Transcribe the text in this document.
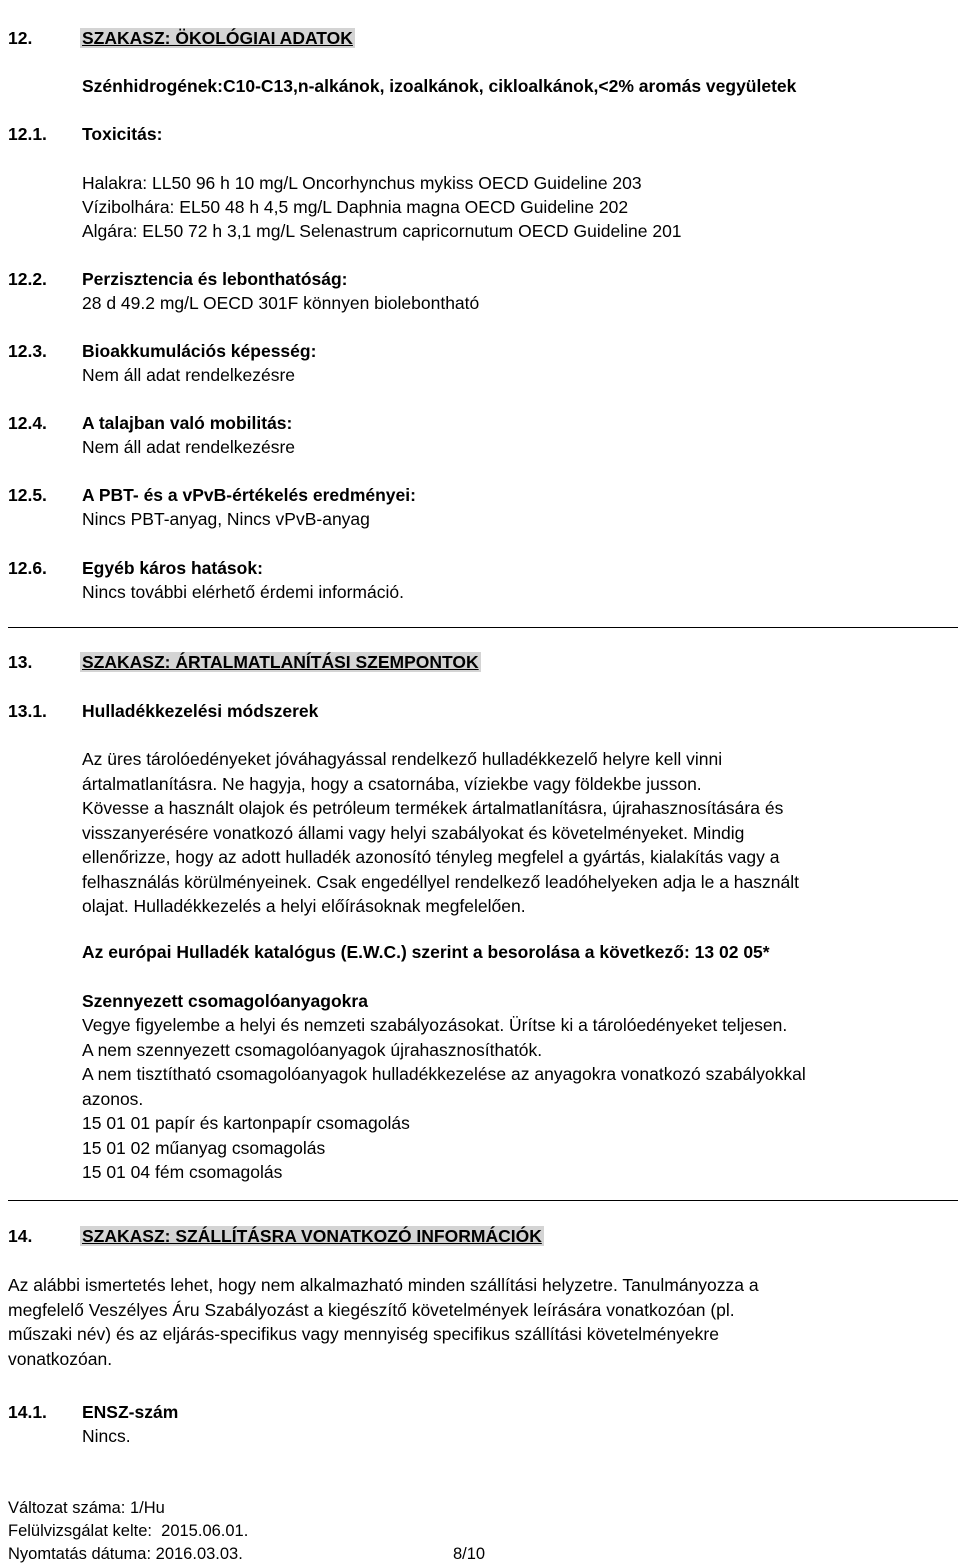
12.	SZAKASZ: ÖKOLÓGIAI ADATOK
Szénhidrogének:C10-C13,n-alkánok, izoalkánok, cikloalkánok,<2% aromás vegyületek
12.1. Toxicitás:
Halakra: LL50 96 h 10 mg/L Oncorhynchus mykiss OECD Guideline 203
Vízibolhára: EL50 48 h 4,5 mg/L Daphnia magna OECD Guideline 202
Algára: EL50 72 h 3,1 mg/L Selenastrum capricornutum OECD Guideline 201
12.2. Perzisztencia és lebonthatóság:
28 d 49.2 mg/L OECD 301F könnyen biolebontható
12.3. Bioakkumulációs képesség:
Nem áll adat rendelkezésre
12.4. A talajban való mobilitás:
Nem áll adat rendelkezésre
12.5. A PBT- és a vPvB-értékelés eredményei:
Nincs PBT-anyag, Nincs vPvB-anyag
12.6. Egyéb káros hatások:
Nincs további elérhető érdemi információ.
13.	SZAKASZ: ÁRTALMATLANÍTÁSI SZEMPONTOK
13.1. Hulladékkezelési módszerek
Az üres tárolóedényeket jóváhagyással rendelkező hulladékkezelő helyre kell vinni
ártalmatlanításra. Ne hagyja, hogy a csatornába, víziekbe vagy földekbe jusson.
Kövesse a használt olajok és petróleum termékek ártalmatlanításra, újrahasznosítására és
visszanyerésére vonatkozó állami vagy helyi szabályokat és követelményeket. Mindig
ellenőrizze, hogy az adott hulladék azonosító tényleg megfelel a gyártás, kialakítás vagy a
felhasználás körülményeinek. Csak engedéllyel rendelkező leadóhelyeken adja le a használt
olajat. Hulladékkezelés a helyi előírásoknak megfelelően.
Az európai Hulladék katalógus (E.W.C.) szerint a besorolása a következő: 13 02 05*
Szennyezett csomagolóanyagokra
Vegye figyelembe a helyi és nemzeti szabályozásokat. Ürítse ki a tárolóedényeket teljesen.
A nem szennyezett csomagolóanyagok újrahasznosíthatók.
A nem tisztítható csomagolóanyagok hulladékkezelése az anyagokra vonatkozó szabályokkal
azonos.
15 01 01 papír és kartonpapír csomagolás
15 01 02 műanyag csomagolás
15 01 04 fém csomagolás
14.	SZAKASZ: SZÁLLÍTÁSRA VONATKOZÓ INFORMÁCIÓK
Az alábbi ismertetés lehet, hogy nem alkalmazható minden szállítási helyzetre. Tanulmányozza a
megfelelő Veszélyes Áru Szabályozást a kiegészítő követelmények leírására vonatkozóan (pl.
műszaki név) és az eljárás-specifikus vagy mennyiség specifikus szállítási követelményekre
vonatkozóan.
14.1. ENSZ-szám
Nincs.
Változat száma: 1/Hu
Felülvizsgálat kelte: 2015.06.01.
Nyomtatás dátuma: 2016.03.03.	8/10
